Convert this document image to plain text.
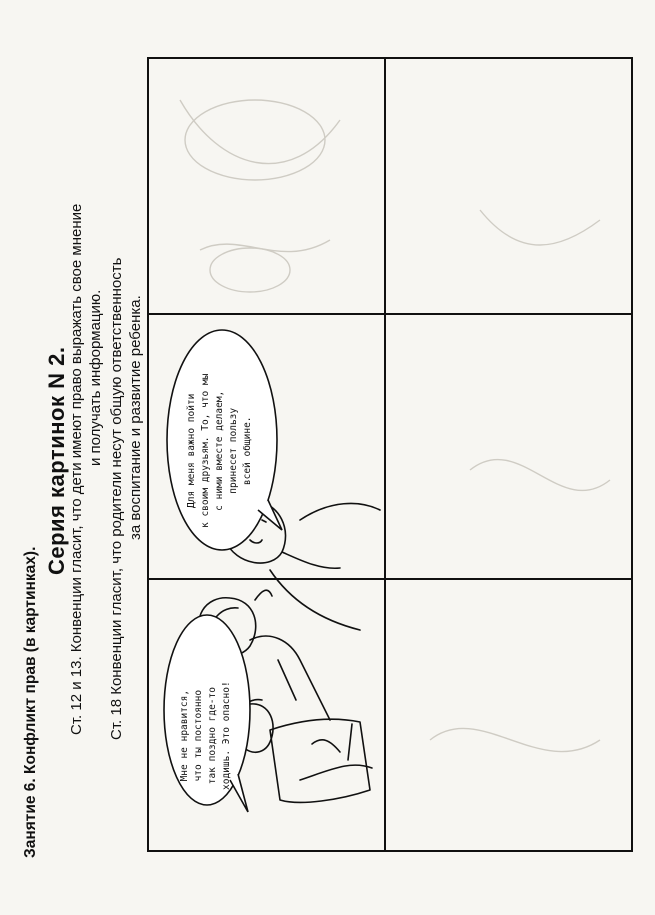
Занятие 6. Конфликт прав (в картинках).
Серия картинок N 2. Ст. 12 и 13. Конвенции гласит, что дети имеют право выражать свое мнение и получать информацию. Ст. 18 Конвенции гласит, что родители несут общую ответственность за воспитание и развитие ребенка.
Мне не нравится,
что ты постоянно
так поздно где-то
ходишь. Это опасно!
Для меня важно пойти
к своим друзьям. То, что мы
с ними вместе делаем,
принесет пользу
всей общине.
